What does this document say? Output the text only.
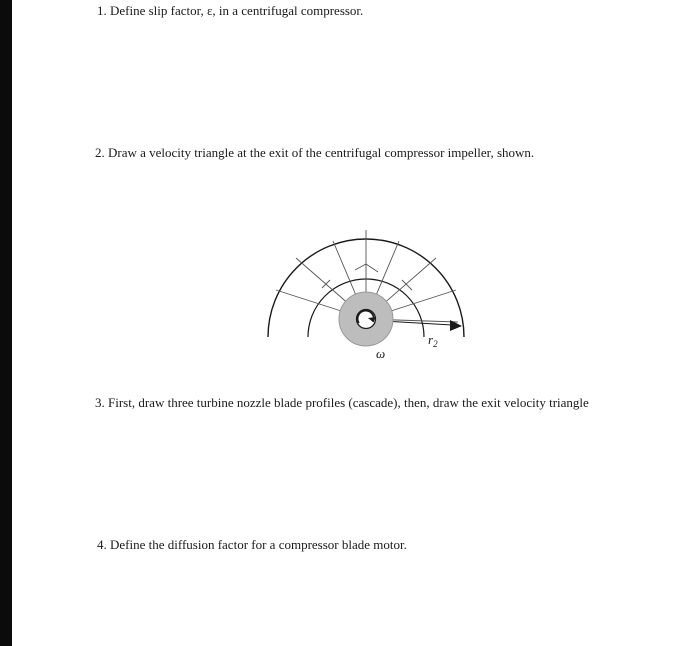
1. Define slip factor, ε, in a centrifugal compressor.

2. Draw a velocity triangle at the exit of the centrifugal compressor impeller, shown.

ω
$r_2$

3. First, draw three turbine nozzle blade profiles (cascade), then, draw the exit velocity triangle

4. Define the diffusion factor for a compressor blade motor.
